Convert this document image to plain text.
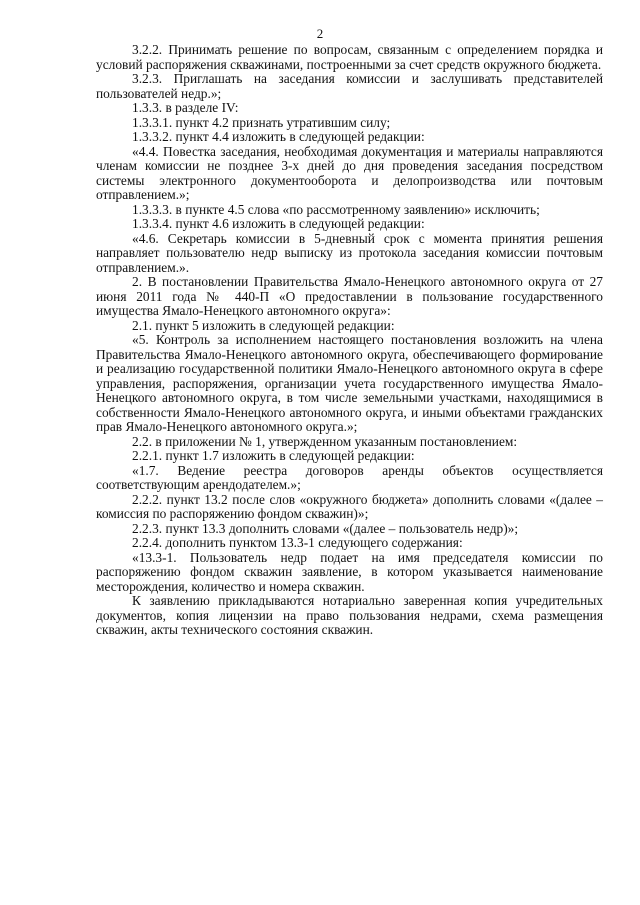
2

3.2.2. Принимать решение по вопросам, связанным с определением порядка и условий распоряжения скважинами, построенными за счет средств окружного бюджета.

3.2.3. Приглашать на заседания комиссии и заслушивать представителей пользователей недр.»;

1.3.3. в разделе IV:

1.3.3.1. пункт 4.2 признать утратившим силу;

1.3.3.2. пункт 4.4 изложить в следующей редакции:

«4.4. Повестка заседания, необходимая документация и материалы направляются членам комиссии не позднее 3-х дней до дня проведения заседания посредством системы электронного документооборота и делопроизводства или почтовым отправлением.»;

1.3.3.3. в пункте 4.5 слова «по рассмотренному заявлению» исключить;

1.3.3.4. пункт 4.6 изложить в следующей редакции:

«4.6. Секретарь комиссии в 5-дневный срок с момента принятия решения направляет пользователю недр выписку из протокола заседания комиссии почтовым отправлением.».

2. В постановлении Правительства Ямало-Ненецкого автономного округа от 27 июня 2011 года № 440-П «О предоставлении в пользование государственного имущества Ямало-Ненецкого автономного округа»:

2.1. пункт 5 изложить в следующей редакции:

«5. Контроль за исполнением настоящего постановления возложить на члена Правительства Ямало-Ненецкого автономного округа, обеспечивающего формирование и реализацию государственной политики Ямало-Ненецкого автономного округа в сфере управления, распоряжения, организации учета государственного имущества Ямало-Ненецкого автономного округа, в том числе земельными участками, находящимися в собственности Ямало-Ненецкого автономного округа, и иными объектами гражданских прав Ямало-Ненецкого автономного округа.»;

2.2. в приложении № 1, утвержденном указанным постановлением:

2.2.1. пункт 1.7 изложить в следующей редакции:

«1.7. Ведение реестра договоров аренды объектов осуществляется соответствующим арендодателем.»;

2.2.2. пункт 13.2 после слов «окружного бюджета» дополнить словами «(далее – комиссия по распоряжению фондом скважин)»;

2.2.3. пункт 13.3 дополнить словами «(далее – пользователь недр)»;

2.2.4. дополнить пунктом 13.3-1 следующего содержания:

«13.3-1. Пользователь недр подает на имя председателя комиссии по распоряжению фондом скважин заявление, в котором указывается наименование месторождения, количество и номера скважин.

К заявлению прикладываются нотариально заверенная копия учредительных документов, копия лицензии на право пользования недрами, схема размещения скважин, акты технического состояния скважин.
